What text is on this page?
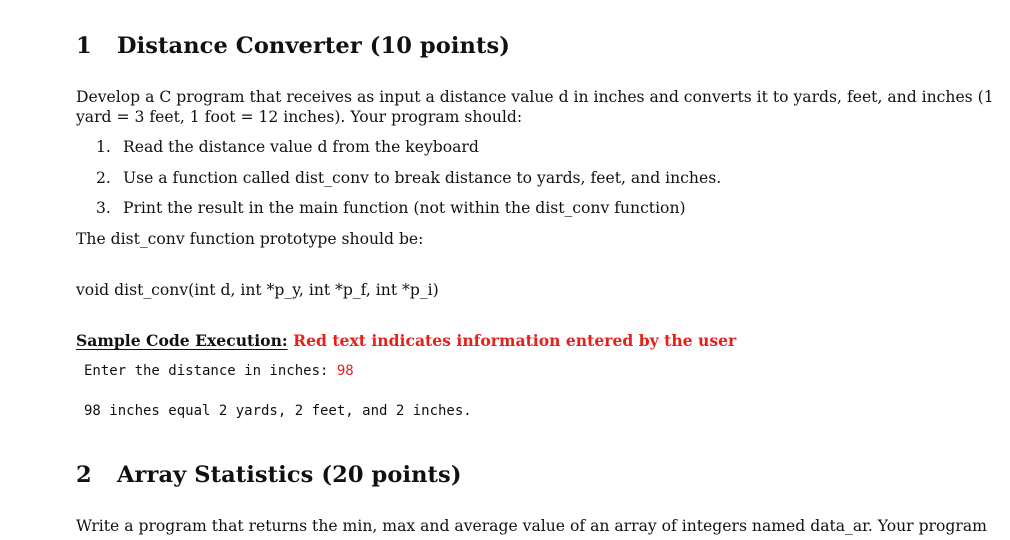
1 Distance Converter (10 points)
Develop a C program that receives as input a distance value d in inches and converts it to yards, feet, and inches (1
yard = 3 feet, 1 foot = 12 inches). Your program should:
1. Read the distance value d from the keyboard
2. Use a function called dist_conv to break distance to yards, feet, and inches.
3. Print the result in the main function (not within the dist_conv function)
The dist_conv function prototype should be:
void dist_conv(int d, int *p_y, int *p_f, int *p_i)
Sample Code Execution: Red text indicates information entered by the user
Enter the distance in inches: 98
98 inches equal 2 yards, 2 feet, and 2 inches.
2 Array Statistics (20 points)
Write a program that returns the min, max and average value of an array of integers named data_ar. Your program
